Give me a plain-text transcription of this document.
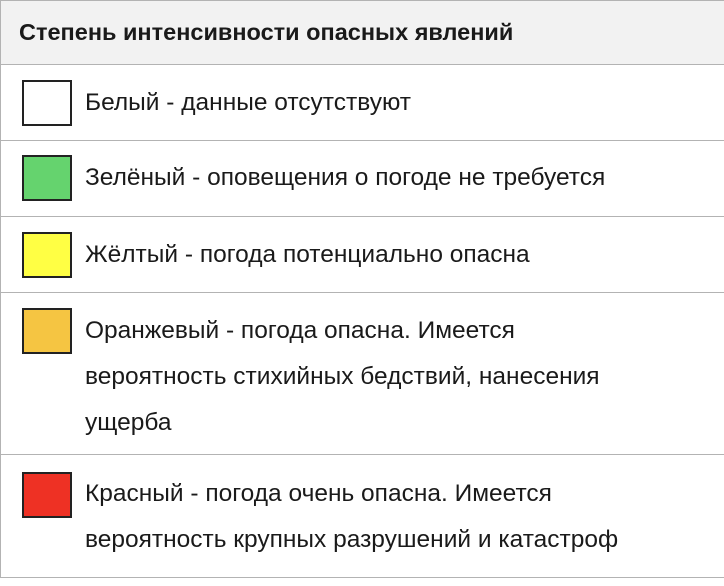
Степень интенсивности опасных явлений
Белый - данные отсутствуют
Зелёный - оповещения о погоде не требуется
Жёлтый - погода потенциально опасна
Оранжевый - погода опасна. Имеется
вероятность стихийных бедствий, нанесения
ущерба
Красный - погода очень опасна. Имеется
вероятность крупных разрушений и катастроф
